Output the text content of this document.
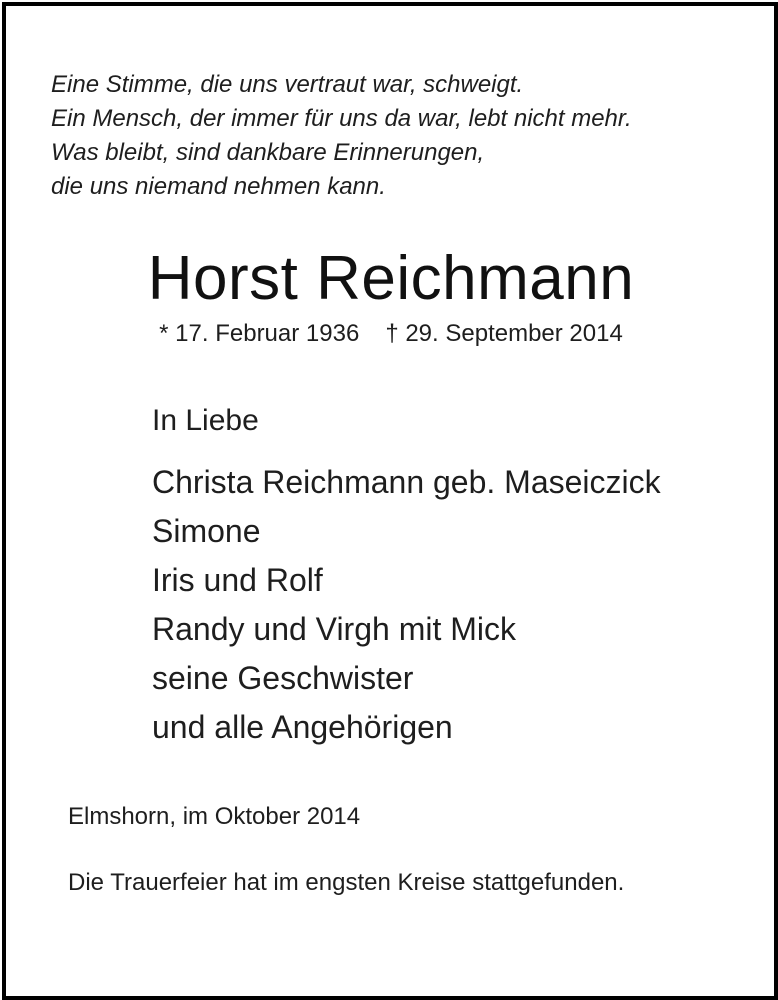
Eine Stimme, die uns vertraut war, schweigt.
Ein Mensch, der immer für uns da war, lebt nicht mehr.
Was bleibt, sind dankbare Erinnerungen,
die uns niemand nehmen kann.

Horst Reichmann
* 17. Februar 1936 † 29. September 2014
In Liebe
Christa Reichmann geb. Maseiczick
Simone
Iris und Rolf
Randy und Virgh mit Mick
seine Geschwister
und alle Angehörigen
Elmshorn, im Oktober 2014
Die Trauerfeier hat im engsten Kreise stattgefunden.
